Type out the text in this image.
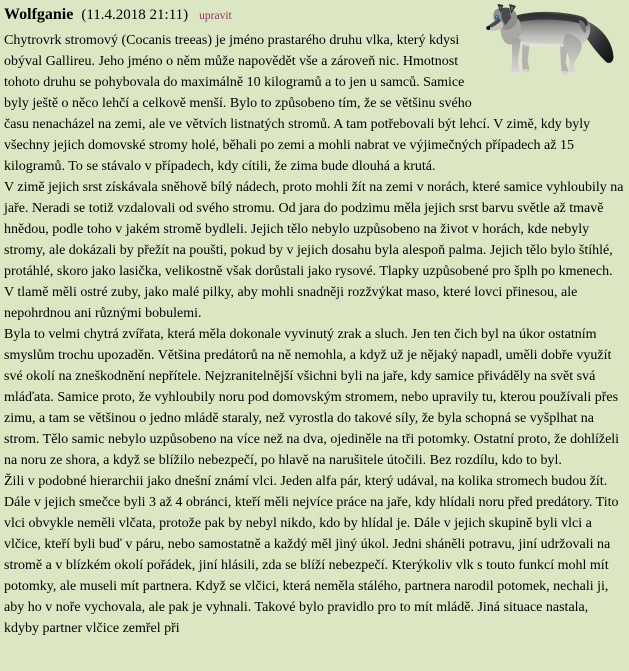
Wolfganie (11.4.2018 21:11) upravit

Chytrovrk stromový (Cocanis treeas) je jméno prastarého druhu vlka, který kdysi obýval Gallireu. Jeho jméno o něm může napovědět vše a zároveň nic. Hmotnost tohoto druhu se pohybovala do maximálně 10 kilogramů a to jen u samců. Samice byly ještě o něco lehčí a celkově menší. Bylo to způsobeno tím, že se většinu svého času nenacházel na zemi, ale ve větvích listnatých stromů. A tam potřebovali být lehcí. V zimě, kdy byly všechny jejich domovské stromy holé, běhali po zemi a mohli nabrat ve výjimečných případech až 15 kilogramů. To se stávalo v případech, kdy cítili, že zima bude dlouhá a krutá.

V zimě jejich srst získávala sněhově bílý nádech, proto mohli žít na zemi v norách, které samice vyhloubily na jaře. Neradi se totiž vzdalovali od svého stromu. Od jara do podzimu měla jejich srst barvu světle až tmavě hnědou, podle toho v jakém stromě bydleli. Jejich tělo nebylo uzpůsobeno na život v horách, kde nebyly stromy, ale dokázali by přežít na poušti, pokud by v jejich dosahu byla alespoň palma. Jejich tělo bylo štíhlé, protáhlé, skoro jako lasička, velikostně však dorůstali jako rysové. Tlapky uzpůsobené pro šplh po kmenech. V tlamě měli ostré zuby, jako malé pilky, aby mohli snadněji rozžvýkat maso, které lovci přinesou, ale nepohrdnou ani různými bobulemi.

Byla to velmi chytrá zvířata, která měla dokonale vyvinutý zrak a sluch. Jen ten čich byl na úkor ostatním smyslům trochu upozaděn. Většina predátorů na ně nemohla, a když už je nějaký napadl, uměli dobře využít své okolí na zneškodnění nepřítele. Nejzranitelnější všichni byli na jaře, kdy samice přiváděly na svět svá mláďata. Samice proto, že vyhloubily noru pod domovským stromem, nebo upravily tu, kterou používali přes zimu, a tam se většinou o jedno mládě staraly, než vyrostla do takové síly, že byla schopná se vyšplhat na strom. Tělo samic nebylo uzpůsobeno na více než na dva, ojediněle na tři potomky. Ostatní proto, že dohlíželi na noru ze shora, a když se blížilo nebezpečí, po hlavě na narušitele útočili. Bez rozdílu, kdo to byl.

Žili v podobné hierarchii jako dnešní známí vlci. Jeden alfa pár, který udával, na kolika stromech budou žít. Dále v jejich smečce byli 3 až 4 obránci, kteří měli nejvíce práce na jaře, kdy hlídali noru před predátory. Tito vlci obvykle neměli vlčata, protože pak by nebyl nikdo, kdo by hlídal je. Dále v jejich skupině byli vlci a vlčice, kteří byli buď v páru, nebo samostatně a každý měl jiný úkol. Jedni sháněli potravu, jiní udržovali na stromě a v blízkém okolí pořádek, jiní hlásili, zda se blíží nebezpečí. Kterýkoliv vlk s touto funkcí mohl mít potomky, ale museli mít partnera. Když se vlčici, která neměla stálého, partnera narodil potomek, nechali ji, aby ho v noře vychovala, ale pak je vyhnali. Takové bylo pravidlo pro to mít mládě. Jiná situace nastala, kdyby partner vlčice zemřel při
